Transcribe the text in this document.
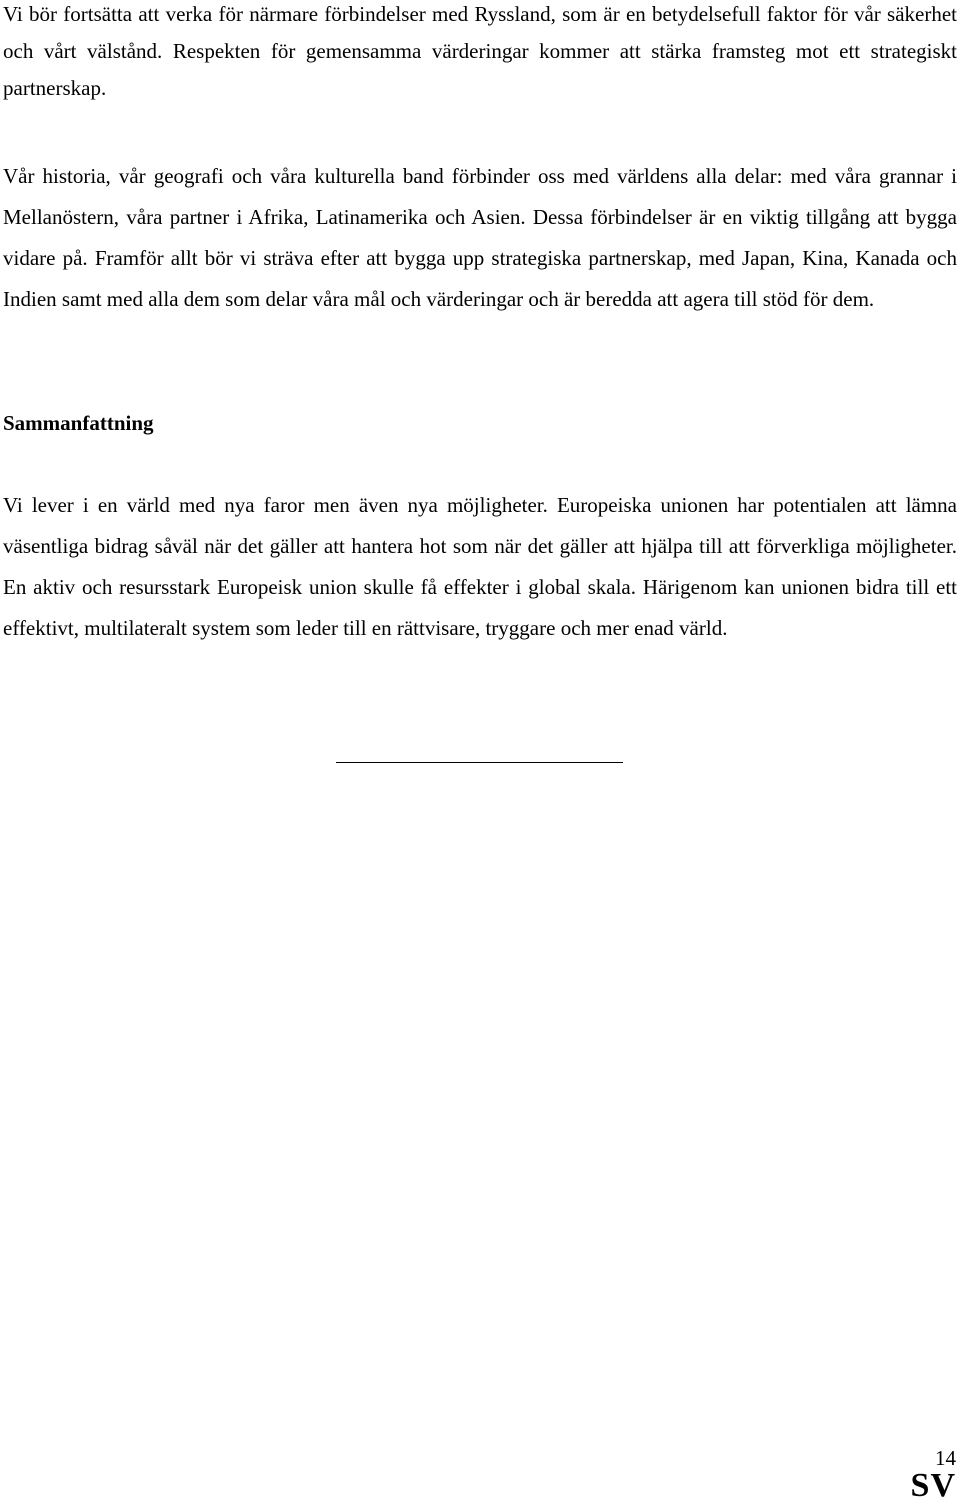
Vi bör fortsätta att verka för närmare förbindelser med Ryssland, som är en betydelsefull faktor för vår säkerhet och vårt välstånd. Respekten för gemensamma värderingar kommer att stärka framsteg mot ett strategiskt partnerskap.

Vår historia, vår geografi och våra kulturella band förbinder oss med världens alla delar: med våra grannar i Mellanöstern, våra partner i Afrika, Latinamerika och Asien. Dessa förbindelser är en viktig tillgång att bygga vidare på. Framför allt bör vi sträva efter att bygga upp strategiska partnerskap, med Japan, Kina, Kanada och Indien samt med alla dem som delar våra mål och värderingar och är beredda att agera till stöd för dem.

Sammanfattning

Vi lever i en värld med nya faror men även nya möjligheter. Europeiska unionen har potentialen att lämna väsentliga bidrag såväl när det gäller att hantera hot som när det gäller att hjälpa till att förverkliga möjligheter. En aktiv och resursstark Europeisk union skulle få effekter i global skala. Härigenom kan unionen bidra till ett effektivt, multilateralt system som leder till en rättvisare, tryggare och mer enad värld.

14
SV
